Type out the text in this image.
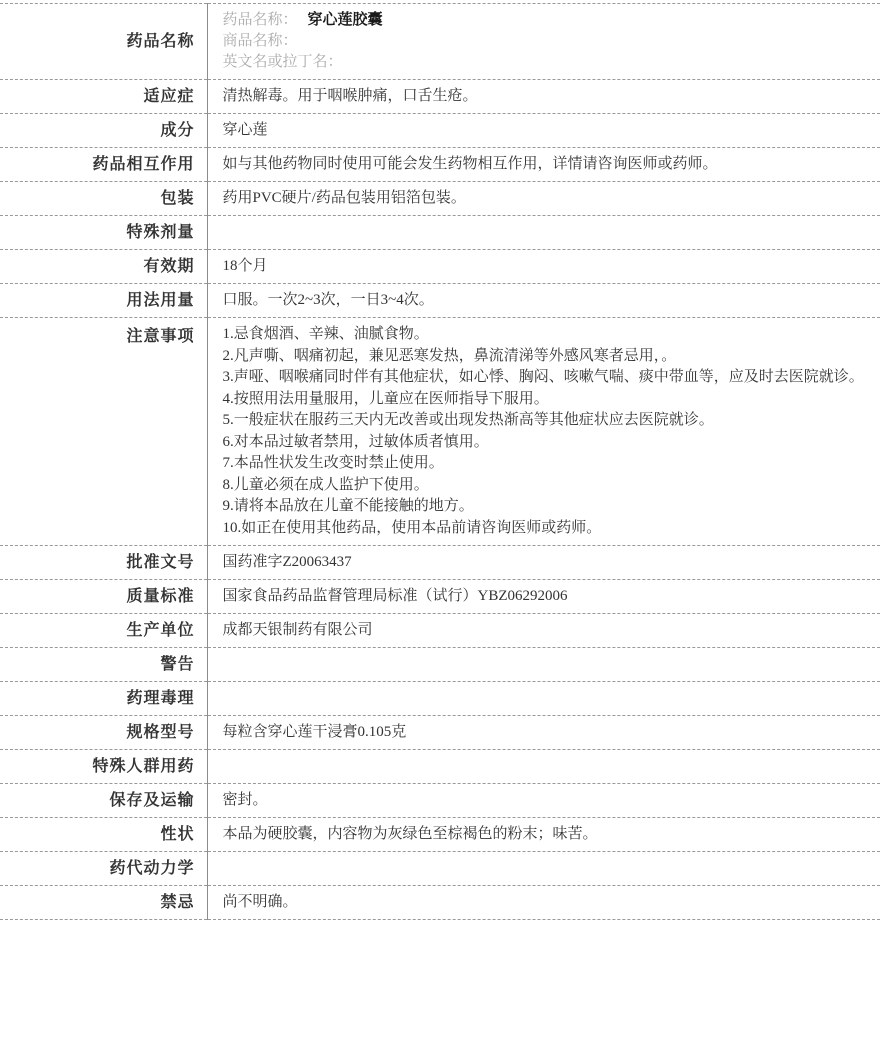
药品名称	药品名称： 穿心莲胶囊
商品名称：
英文名或拉丁名：

适应症	清热解毒。用于咽喉肿痛，口舌生疮。
成分	穿心莲
药品相互作用	如与其他药物同时使用可能会发生药物相互作用，详情请咨询医师或药师。
包装	药用PVC硬片/药品包装用铝箔包装。
特殊剂量	
有效期	18个月
用法用量	口服。一次2~3次，一日3~4次。
注意事项	1.忌食烟酒、辛辣、油腻食物。
2.凡声嘶、咽痛初起，兼见恶寒发热，鼻流清涕等外感风寒者忌用，。
3.声哑、咽喉痛同时伴有其他症状，如心悸、胸闷、咳嗽气喘、痰中带血等，应及时去医院就诊。
4.按照用法用量服用，儿童应在医师指导下服用。
5.一般症状在服药三天内无改善或出现发热渐高等其他症状应去医院就诊。
6.对本品过敏者禁用，过敏体质者慎用。
7.本品性状发生改变时禁止使用。
8.儿童必须在成人监护下使用。
9.请将本品放在儿童不能接触的地方。
10.如正在使用其他药品，使用本品前请咨询医师或药师。

批准文号	国药准字Z20063437
质量标准	国家食品药品监督管理局标准（试行）YBZ06292006
生产单位	成都天银制药有限公司
警告	
药理毒理	
规格型号	每粒含穿心莲干浸膏0.105克
特殊人群用药	
保存及运输	密封。
性状	本品为硬胶囊，内容物为灰绿色至棕褐色的粉末；味苦。
药代动力学	
禁忌	尚不明确。
